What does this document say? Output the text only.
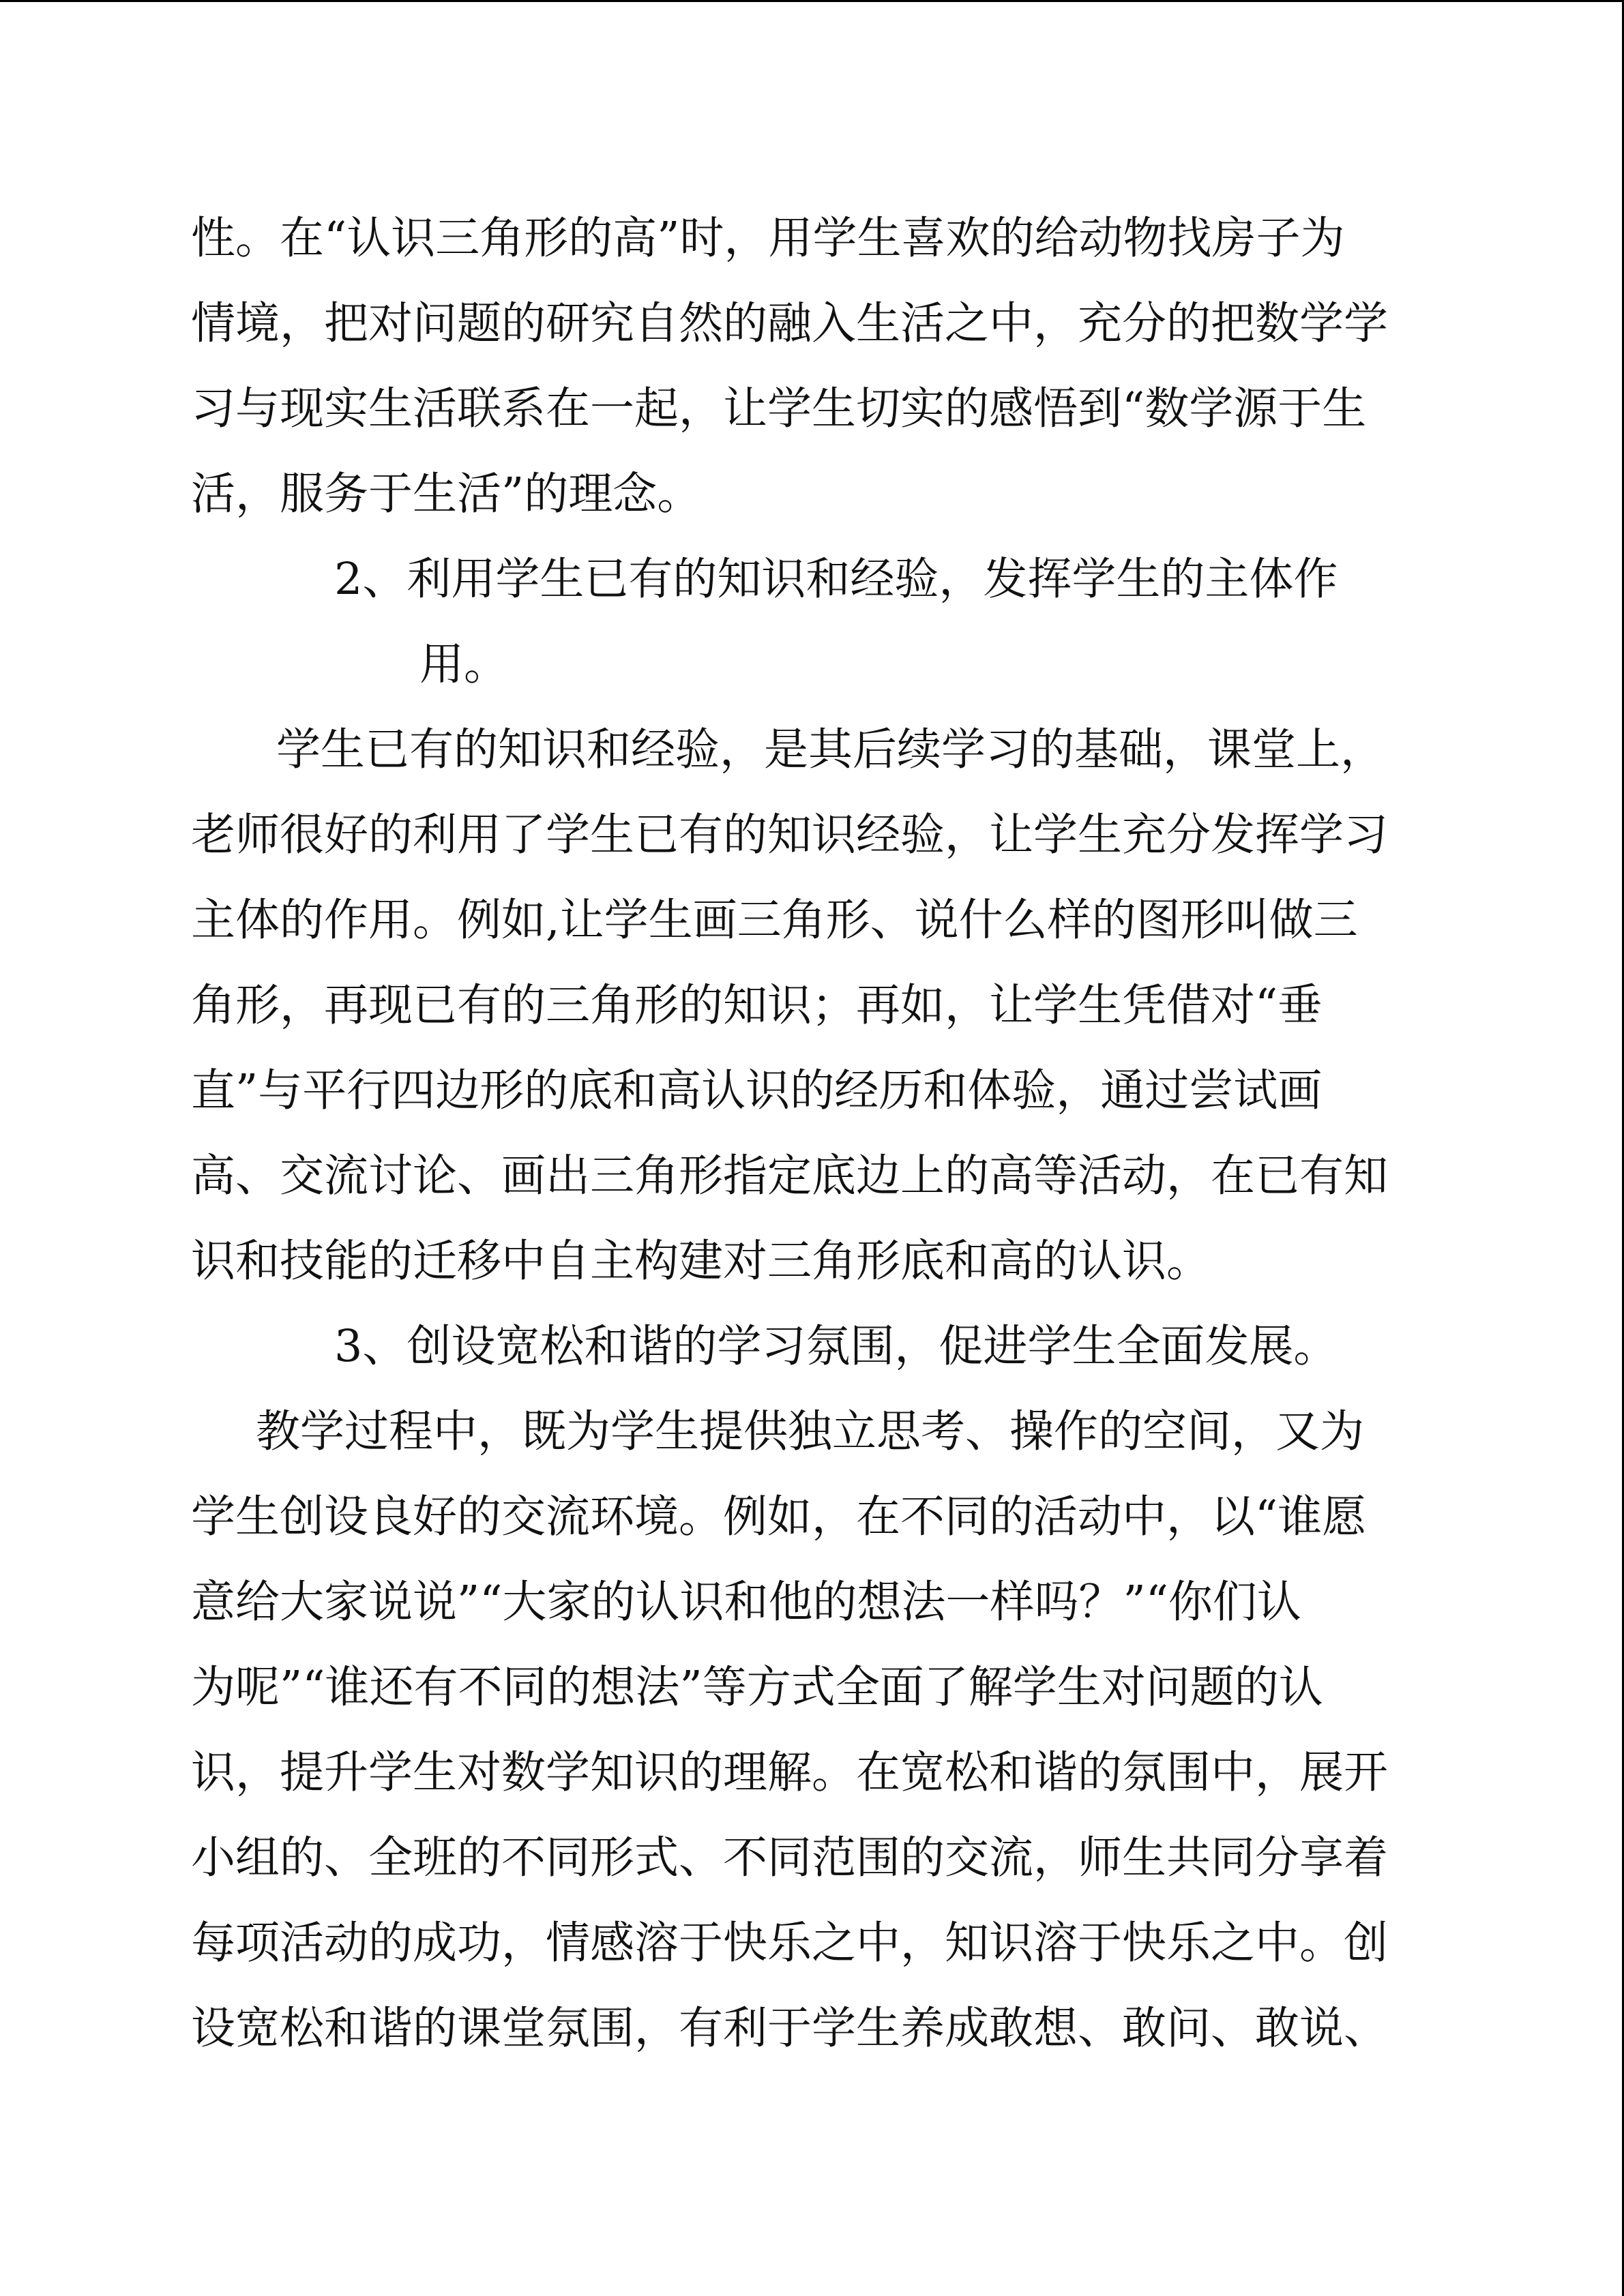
性。在“认识三角形的高”时，用学生喜欢的给动物找房子为
情境，把对问题的研究自然的融入生活之中，充分的把数学学
习与现实生活联系在一起，让学生切实的感悟到“数学源于生
活，服务于生活”的理念。
2、利用学生已有的知识和经验，发挥学生的主体作
用。
学生已有的知识和经验，是其后续学习的基础，课堂上，
老师很好的利用了学生已有的知识经验，让学生充分发挥学习
主体的作用。例如,让学生画三角形、说什么样的图形叫做三
角形，再现已有的三角形的知识；再如，让学生凭借对“垂
直”与平行四边形的底和高认识的经历和体验，通过尝试画
高、交流讨论、画出三角形指定底边上的高等活动，在已有知
识和技能的迁移中自主构建对三角形底和高的认识。
3、创设宽松和谐的学习氛围，促进学生全面发展。
教学过程中，既为学生提供独立思考、操作的空间，又为
学生创设良好的交流环境。例如，在不同的活动中，以“谁愿
意给大家说说”“大家的认识和他的想法一样吗？”“你们认
为呢”“谁还有不同的想法”等方式全面了解学生对问题的认
识，提升学生对数学知识的理解。在宽松和谐的氛围中，展开
小组的、全班的不同形式、不同范围的交流，师生共同分享着
每项活动的成功，情感溶于快乐之中，知识溶于快乐之中。创
设宽松和谐的课堂氛围，有利于学生养成敢想、敢问、敢说、
